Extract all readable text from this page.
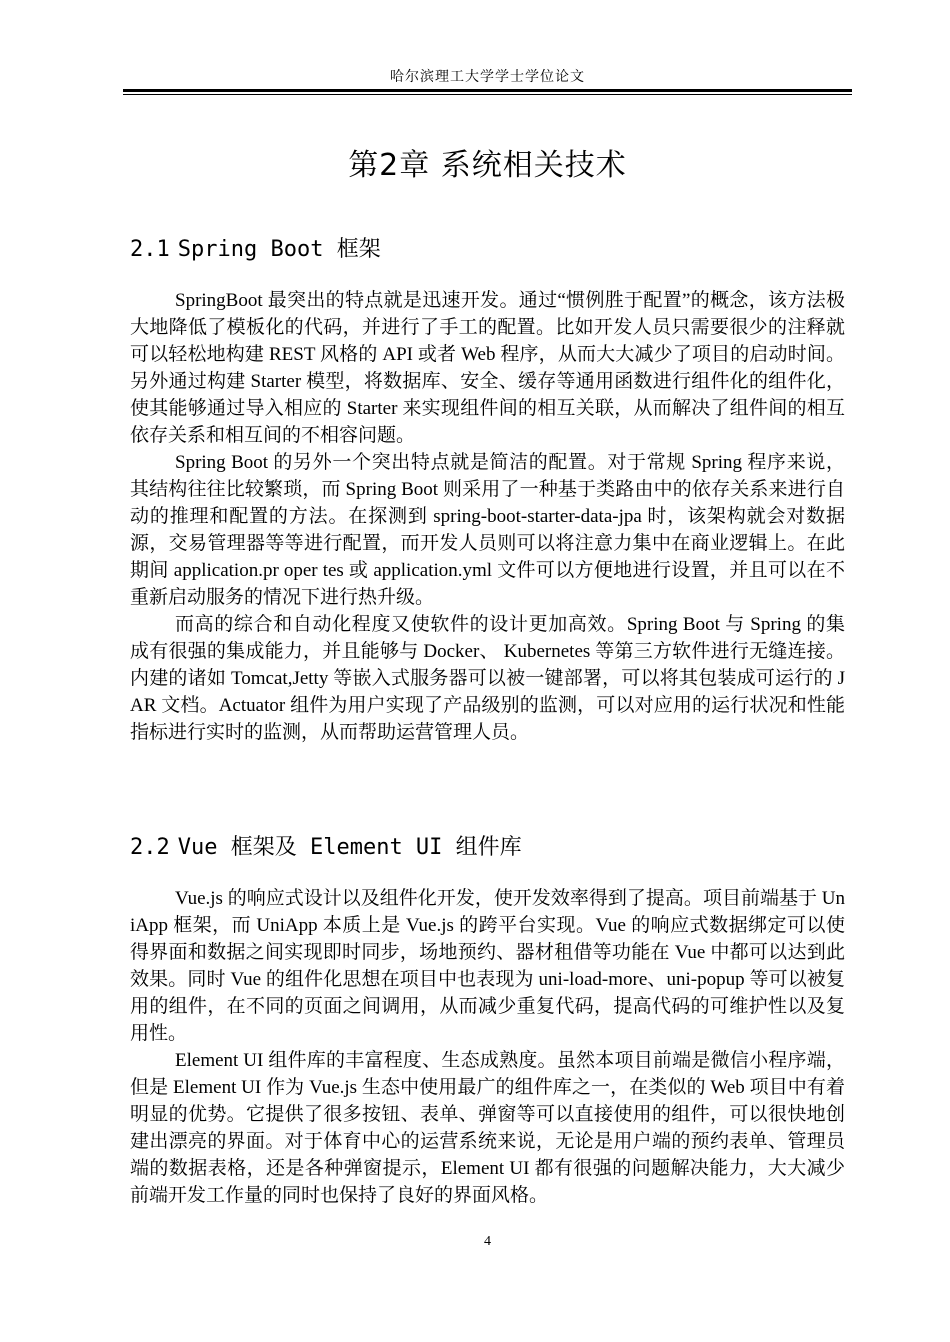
哈尔滨理工大学学士学位论文
第2章 系统相关技术
2.1 Spring Boot 框架

SpringBoot 最突出的特点就是迅速开发。通过“惯例胜于配置”的概念，该方法极大地降低了模板化的代码，并进行了手工的配置。比如开发人员只需要很少的注释就可以轻松地构建 REST 风格的 API 或者 Web 程序，从而大大减少了项目的启动时间。另外通过构建 Starter 模型，将数据库、安全、缓存等通用函数进行组件化的组件化，使其能够通过导入相应的 Starter 来实现组件间的相互关联，从而解决了组件间的相互依存关系和相互间的不相容问题。

Spring Boot 的另外一个突出特点就是简洁的配置。对于常规 Spring 程序来说，其结构往往比较繁琐，而 Spring Boot 则采用了一种基于类路由中的依存关系来进行自动的推理和配置的方法。在探测到 spring-boot-starter-data-jpa 时，该架构就会对数据源，交易管理器等等进行配置，而开发人员则可以将注意力集中在商业逻辑上。在此期间 application.pr oper tes 或 application.yml 文件可以方便地进行设置，并且可以在不重新启动服务的情况下进行热升级。

而高的综合和自动化程度又使软件的设计更加高效。Spring Boot 与 Spring 的集成有很强的集成能力，并且能够与 Docker、 Kubernetes 等第三方软件进行无缝连接。内建的诸如 Tomcat,Jetty 等嵌入式服务器可以被一键部署，可以将其包装成可运行的 JAR 文档。Actuator 组件为用户实现了产品级别的监测，可以对应用的运行状况和性能指标进行实时的监测，从而帮助运营管理人员。

2.2 Vue 框架及 Element UI 组件库

Vue.js 的响应式设计以及组件化开发，使开发效率得到了提高。项目前端基于 UniApp 框架，而 UniApp 本质上是 Vue.js 的跨平台实现。Vue 的响应式数据绑定可以使得界面和数据之间实现即时同步，场地预约、器材租借等功能在 Vue 中都可以达到此效果。同时 Vue 的组件化思想在项目中也表现为 uni-load-more、uni-popup 等可以被复用的组件，在不同的页面之间调用，从而减少重复代码，提高代码的可维护性以及复用性。

Element UI 组件库的丰富程度、生态成熟度。虽然本项目前端是微信小程序端，但是 Element UI 作为 Vue.js 生态中使用最广的组件库之一，在类似的 Web 项目中有着明显的优势。它提供了很多按钮、表单、弹窗等可以直接使用的组件，可以很快地创建出漂亮的界面。对于体育中心的运营系统来说，无论是用户端的预约表单、管理员端的数据表格，还是各种弹窗提示，Element UI 都有很强的问题解决能力，大大减少前端开发工作量的同时也保持了良好的界面风格。

4
